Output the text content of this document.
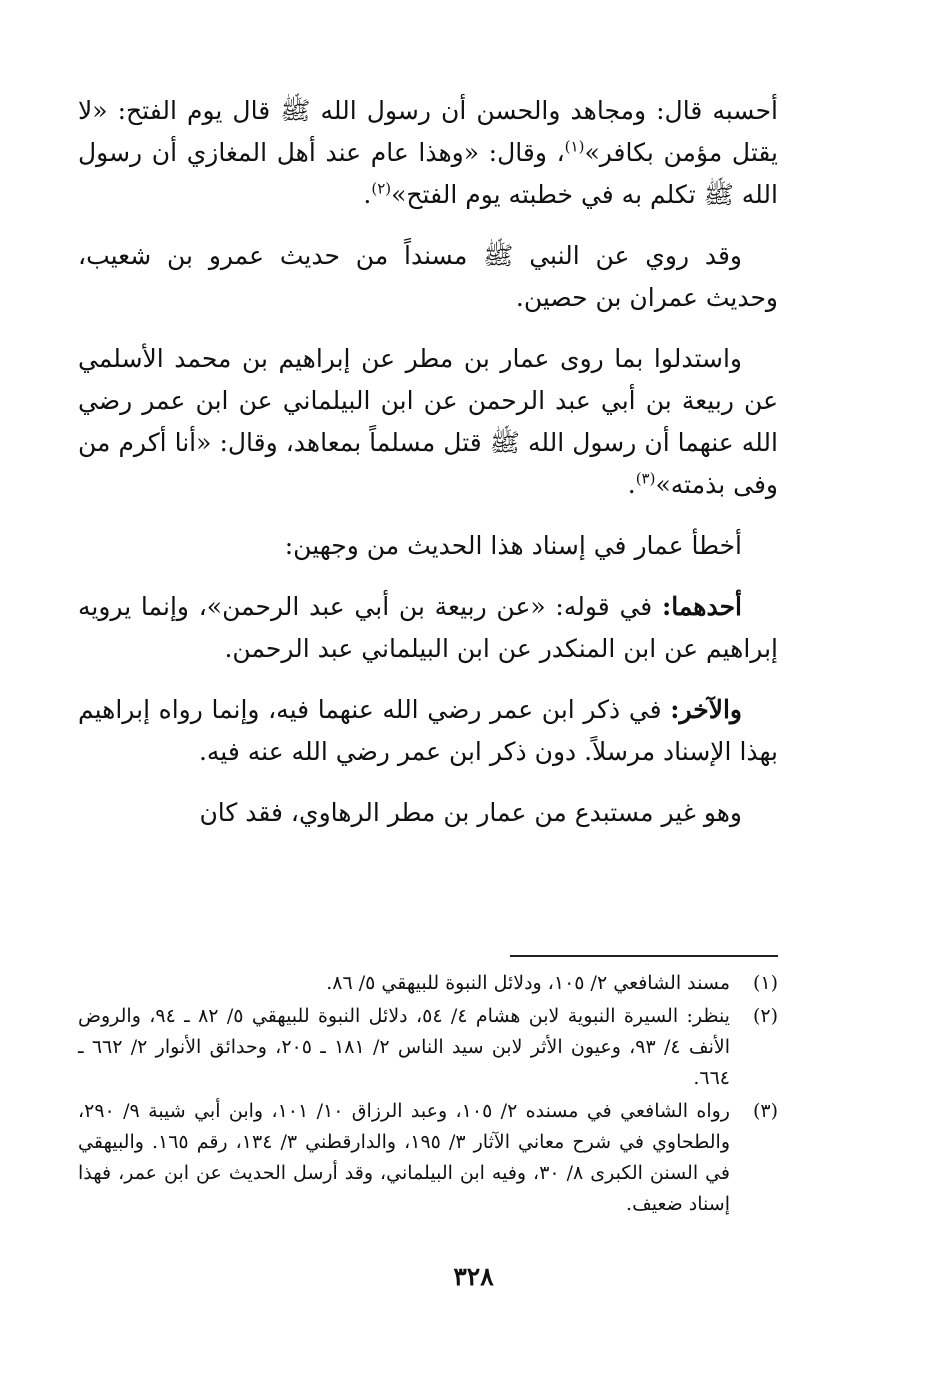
أحسبه قال: ومجاهد والحسن أن رسول الله ﷺ قال يوم الفتح: «لا يقتل مؤمن بكافر»$^{(١)}$، وقال: «وهذا عام عند أهل المغازي أن رسول الله ﷺ تكلم به في خطبته يوم الفتح»$^{(٢)}$.

وقد روي عن النبي ﷺ مسنداً من حديث عمرو بن شعيب، وحديث عمران بن حصين.

واستدلوا بما روى عمار بن مطر عن إبراهيم بن محمد الأسلمي عن ربيعة بن أبي عبد الرحمن عن ابن البيلماني عن ابن عمر رضي الله عنهما أن رسول الله ﷺ قتل مسلماً بمعاهد، وقال: «أنا أكرم من وفى بذمته»$^{(٣)}$.

أخطأ عمار في إسناد هذا الحديث من وجهين:

أحدهما: في قوله: «عن ربيعة بن أبي عبد الرحمن»، وإنما يرويه إبراهيم عن ابن المنكدر عن ابن البيلماني عبد الرحمن.

والآخر: في ذكر ابن عمر رضي الله عنهما فيه، وإنما رواه إبراهيم بهذا الإسناد مرسلاً. دون ذكر ابن عمر رضي الله عنه فيه.

وهو غير مستبدع من عمار بن مطر الرهاوي، فقد كان

(١)
مسند الشافعي ٢/ ١٠٥، ودلائل النبوة للبيهقي ٥/ ٨٦.
(٢)
ينظر: السيرة النبوية لابن هشام ٤/ ٥٤، دلائل النبوة للبيهقي ٥/ ٨٢ ـ ٩٤، والروض الأنف ٤/ ٩٣، وعيون الأثر لابن سيد الناس ٢/ ١٨١ ـ ٢٠٥، وحدائق الأنوار ٢/ ٦٦٢ ـ ٦٦٤.
(٣)
رواه الشافعي في مسنده ٢/ ١٠٥، وعبد الرزاق ١٠/ ١٠١، وابن أبي شيبة ٩/ ٢٩٠، والطحاوي في شرح معاني الآثار ٣/ ١٩٥، والدارقطني ٣/ ١٣٤، رقم ١٦٥. والبيهقي في السنن الكبرى ٨/ ٣٠، وفيه ابن البيلماني، وقد أرسل الحديث عن ابن عمر، فهذا إسناد ضعيف.
٣٢٨
